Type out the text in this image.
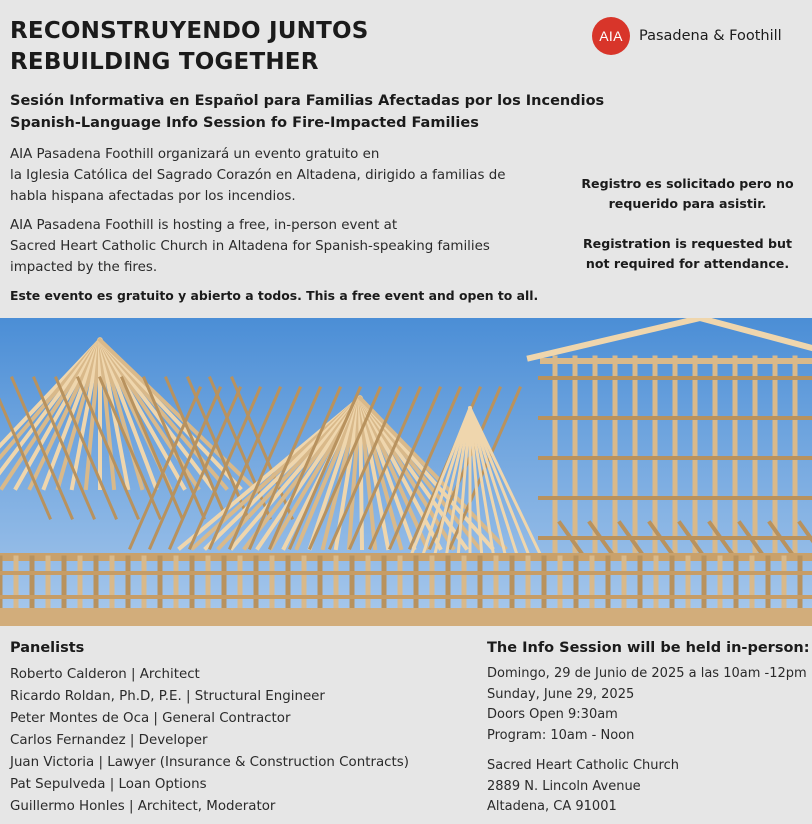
RECONSTRUYENDO JUNTOS
REBUILDING TOGETHER
AIA	Pasadena & Foothill
Sesión Informativa en Español para Familias Afectadas por los Incendios
Spanish-Language Info Session fo Fire-Impacted Families
AIA Pasadena Foothill organizará un evento gratuito en
la Iglesia Católica del Sagrado Corazón en Altadena, dirigido a familias de
habla hispana afectadas por los incendios.
AIA Pasadena Foothill is hosting a free, in-person event at
Sacred Heart Catholic Church in Altadena for Spanish-speaking families
impacted by the fires.
Este evento es gratuito y abierto a todos. This a free event and open to all.
Registro es solicitado pero no
requerido para asistir.
Registration is requested but
not required for attendance.
Panelists
Roberto Calderon | Architect
Ricardo Roldan, Ph.D, P.E. | Structural Engineer
Peter Montes de Oca | General Contractor
Carlos Fernandez | Developer
Juan Victoria | Lawyer (Insurance & Construction Contracts)
Pat Sepulveda | Loan Options
Guillermo Honles | Architect, Moderator
The Info Session will be held in-person:
Domingo, 29 de Junio de 2025 a las 10am -12pm
Sunday, June 29, 2025
Doors Open 9:30am
Program: 10am - Noon
Sacred Heart Catholic Church
2889 N. Lincoln Avenue
Altadena, CA 91001
